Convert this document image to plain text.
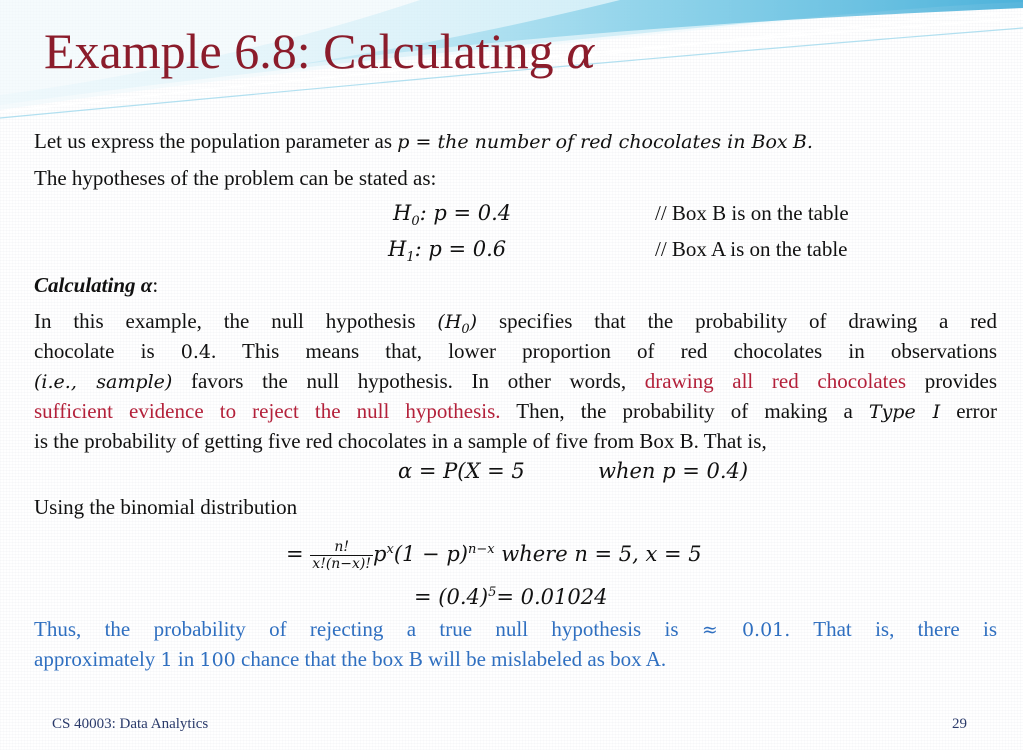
Example 6.8: Calculating α
Let us express the population parameter as p = the number of red chocolates in Box B.
The hypotheses of the problem can be stated as:
$H_0$: p = 0.4	// Box B is on the table
$H_1$: p = 0.6	// Box A is on the table
Calculating α:
In this example, the null hypothesis $(H_0)$ specifies that the probability of drawing a red
chocolate is 0.4. This means that, lower proportion of red chocolates in observations
(i.e., sample) favors the null hypothesis. In other words, drawing all red chocolates provides
sufficient evidence to reject the null hypothesis. Then, the probability of making a Type I error
is the probability of getting five red chocolates in a sample of five from Box B. That is,
α = P(X = 5	when p = 0.4)
Using the binomial distribution
= $\frac{n!}{x!(n-x)!} p^x(1 - p)^{n-x}$ where n = 5, x = 5
= $(0.4)^5= 0.01024$
Thus, the probability of rejecting a true null hypothesis is ≈ 0.01. That is, there is
approximately 1 in 100 chance that the box B will be mislabeled as box A.
CS 40003: Data Analytics	29
